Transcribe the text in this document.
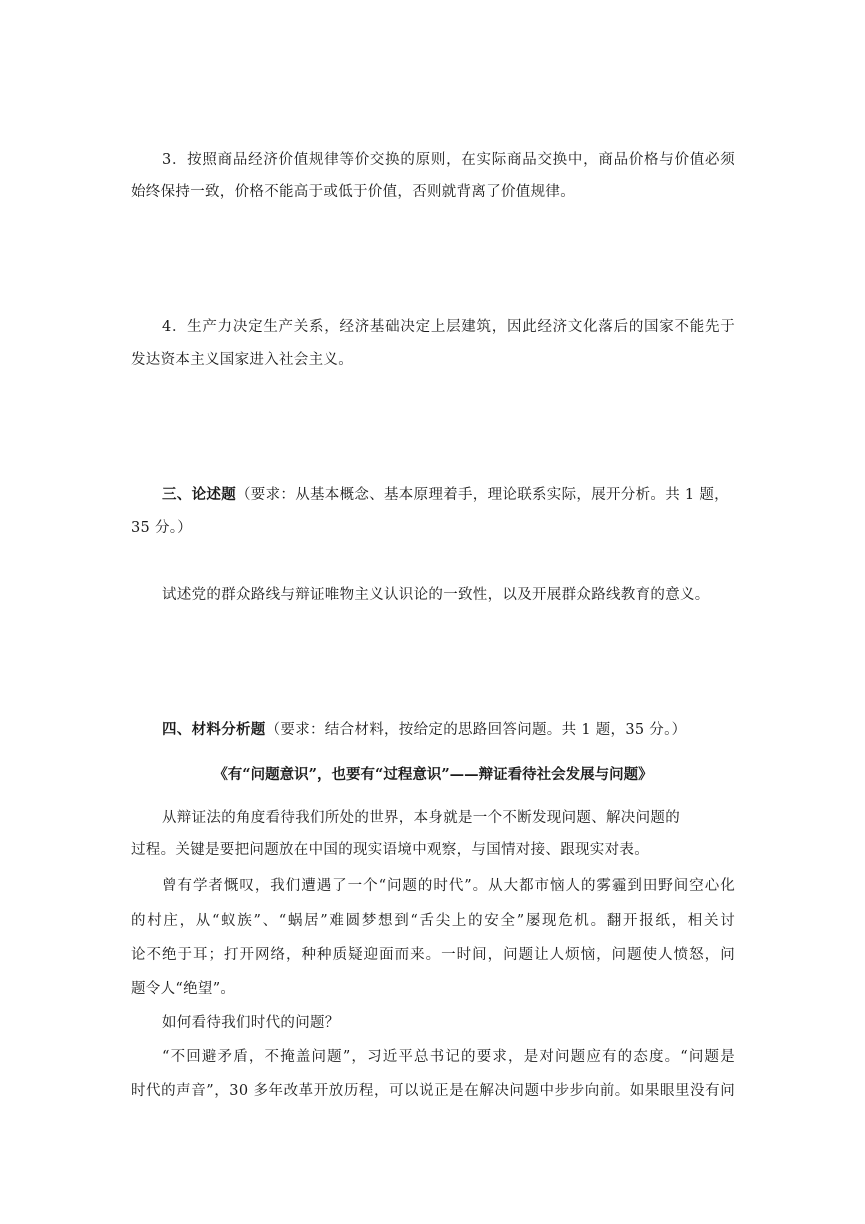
3．按照商品经济价值规律等价交换的原则，在实际商品交换中，商品价格与价值必须
始终保持一致，价格不能高于或低于价值，否则就背离了价值规律。
4．生产力决定生产关系，经济基础决定上层建筑，因此经济文化落后的国家不能先于
发达资本主义国家进入社会主义。
三、论述题（要求：从基本概念、基本原理着手，理论联系实际，展开分析。共 1 题，
35 分。）
试述党的群众路线与辩证唯物主义认识论的一致性，以及开展群众路线教育的意义。
四、材料分析题（要求：结合材料，按给定的思路回答问题。共 1 题，35 分。）
《有“问题意识”，也要有“过程意识”——辩证看待社会发展与问题》
从辩证法的角度看待我们所处的世界，本身就是一个不断发现问题、解决问题的
过程。关键是要把问题放在中国的现实语境中观察，与国情对接、跟现实对表。
曾有学者慨叹，我们遭遇了一个“问题的时代”。从大都市恼人的雾霾到田野间空心化
的村庄，从“蚁族”、“蜗居”难圆梦想到“舌尖上的安全”屡现危机。翻开报纸，相关讨
论不绝于耳；打开网络，种种质疑迎面而来。一时间，问题让人烦恼，问题使人愤怒，问
题令人“绝望”。
如何看待我们时代的问题？
“不回避矛盾，不掩盖问题”，习近平总书记的要求，是对问题应有的态度。“问题是
时代的声音”，30 多年改革开放历程，可以说正是在解决问题中步步向前。如果眼里没有问
